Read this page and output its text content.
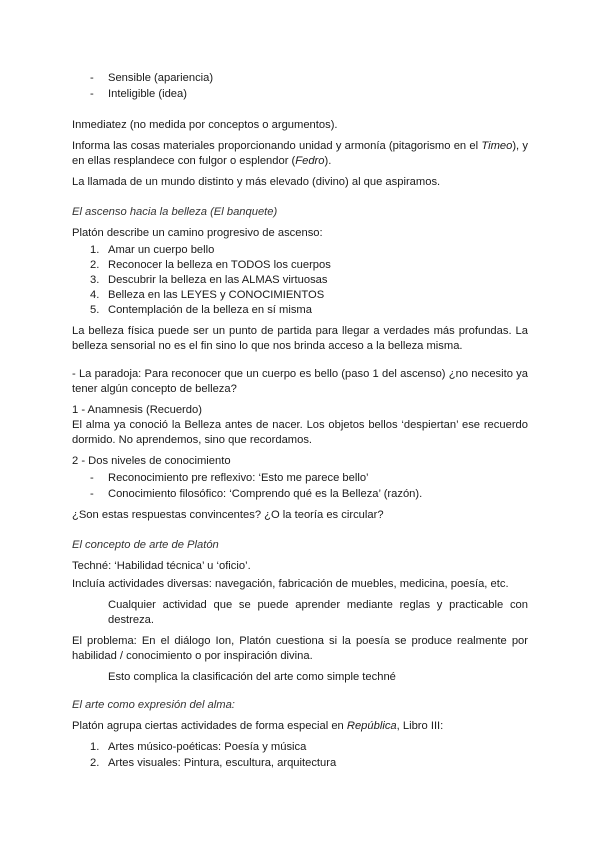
- Sensible (apariencia)
- Inteligible (idea)
Inmediatez (no medida por conceptos o argumentos).
Informa las cosas materiales proporcionando unidad y armonía (pitagorismo en el Timeo), y
en ellas resplandece con fulgor o esplendor (Fedro).
La llamada de un mundo distinto y más elevado (divino) al que aspiramos.
El ascenso hacia la belleza (El banquete)
Platón describe un camino progresivo de ascenso:
1. Amar un cuerpo bello
2. Reconocer la belleza en TODOS los cuerpos
3. Descubrir la belleza en las ALMAS virtuosas
4. Belleza en las LEYES y CONOCIMIENTOS
5. Contemplación de la belleza en sí misma
La belleza física puede ser un punto de partida para llegar a verdades más profundas. La
belleza sensorial no es el fin sino lo que nos brinda acceso a la belleza misma.
- La paradoja: Para reconocer que un cuerpo es bello (paso 1 del ascenso) ¿no necesito ya
tener algún concepto de belleza?
1 - Anamnesis (Recuerdo)
El alma ya conoció la Belleza antes de nacer. Los objetos bellos ‘despiertan’ ese recuerdo
dormido. No aprendemos, sino que recordamos.
2 - Dos niveles de conocimiento
- Reconocimiento pre reflexivo: ‘Esto me parece bello’
- Conocimiento filosófico: ‘Comprendo qué es la Belleza’ (razón).
¿Son estas respuestas convincentes? ¿O la teoría es circular?
El concepto de arte de Platón
Techné: ‘Habilidad técnica’ u ‘oficio’.
Incluía actividades diversas: navegación, fabricación de muebles, medicina, poesía, etc.
Cualquier actividad que se puede aprender mediante reglas y practicable con
destreza.
El problema: En el diálogo Ion, Platón cuestiona si la poesía se produce realmente por
habilidad / conocimiento o por inspiración divina.
Esto complica la clasificación del arte como simple techné
El arte como expresión del alma:
Platón agrupa ciertas actividades de forma especial en República, Libro III:
1. Artes músico-poéticas: Poesía y música
2. Artes visuales: Pintura, escultura, arquitectura
